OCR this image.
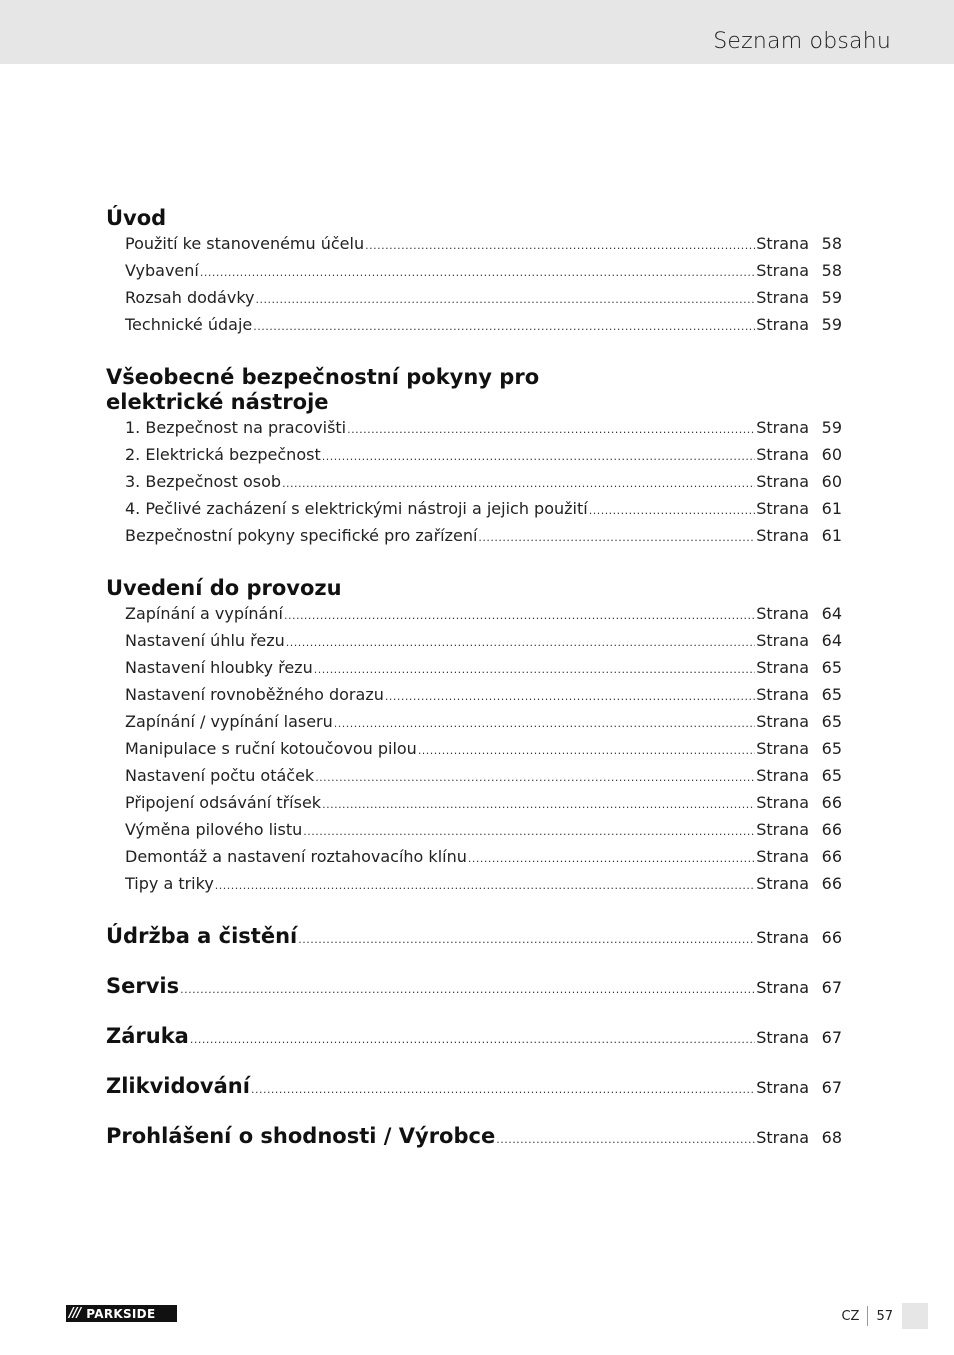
Seznam obsahu
Úvod
Použití ke stanovenému účelu .....	Strana 58
Vybavení .....	Strana 58
Rozsah dodávky .....	Strana 59
Technické údaje .....	Strana 59
Všeobecné bezpečnostní pokyny pro
elektrické nástroje
1. Bezpečnost na pracovišti .....	Strana 59
2. Elektrická bezpečnost .....	Strana 60
3. Bezpečnost osob .....	Strana 60
4. Pečlivé zacházení s elektrickými nástroji a jejich použití .....	Strana 61
Bezpečnostní pokyny specifické pro zařízení .....	Strana 61
Uvedení do provozu
Zapínání a vypínání .....	Strana 64
Nastavení úhlu řezu .....	Strana 64
Nastavení hloubky řezu .....	Strana 65
Nastavení rovnoběžného dorazu .....	Strana 65
Zapínání / vypínání laseru .....	Strana 65
Manipulace s ruční kotoučovou pilou .....	Strana 65
Nastavení počtu otáček .....	Strana 65
Připojení odsávání třísek .....	Strana 66
Výměna pilového listu .....	Strana 66
Demontáž a nastavení roztahovacího klínu .....	Strana 66
Tipy a triky .....	Strana 66
Údržba a čistění .....	Strana 66
Servis .....	Strana 67
Záruka .....	Strana 67
Zlikvidování .....	Strana 67
Prohlášení o shodnosti / Výrobce .....	Strana 68
/// PARKSIDE	CZ	57
